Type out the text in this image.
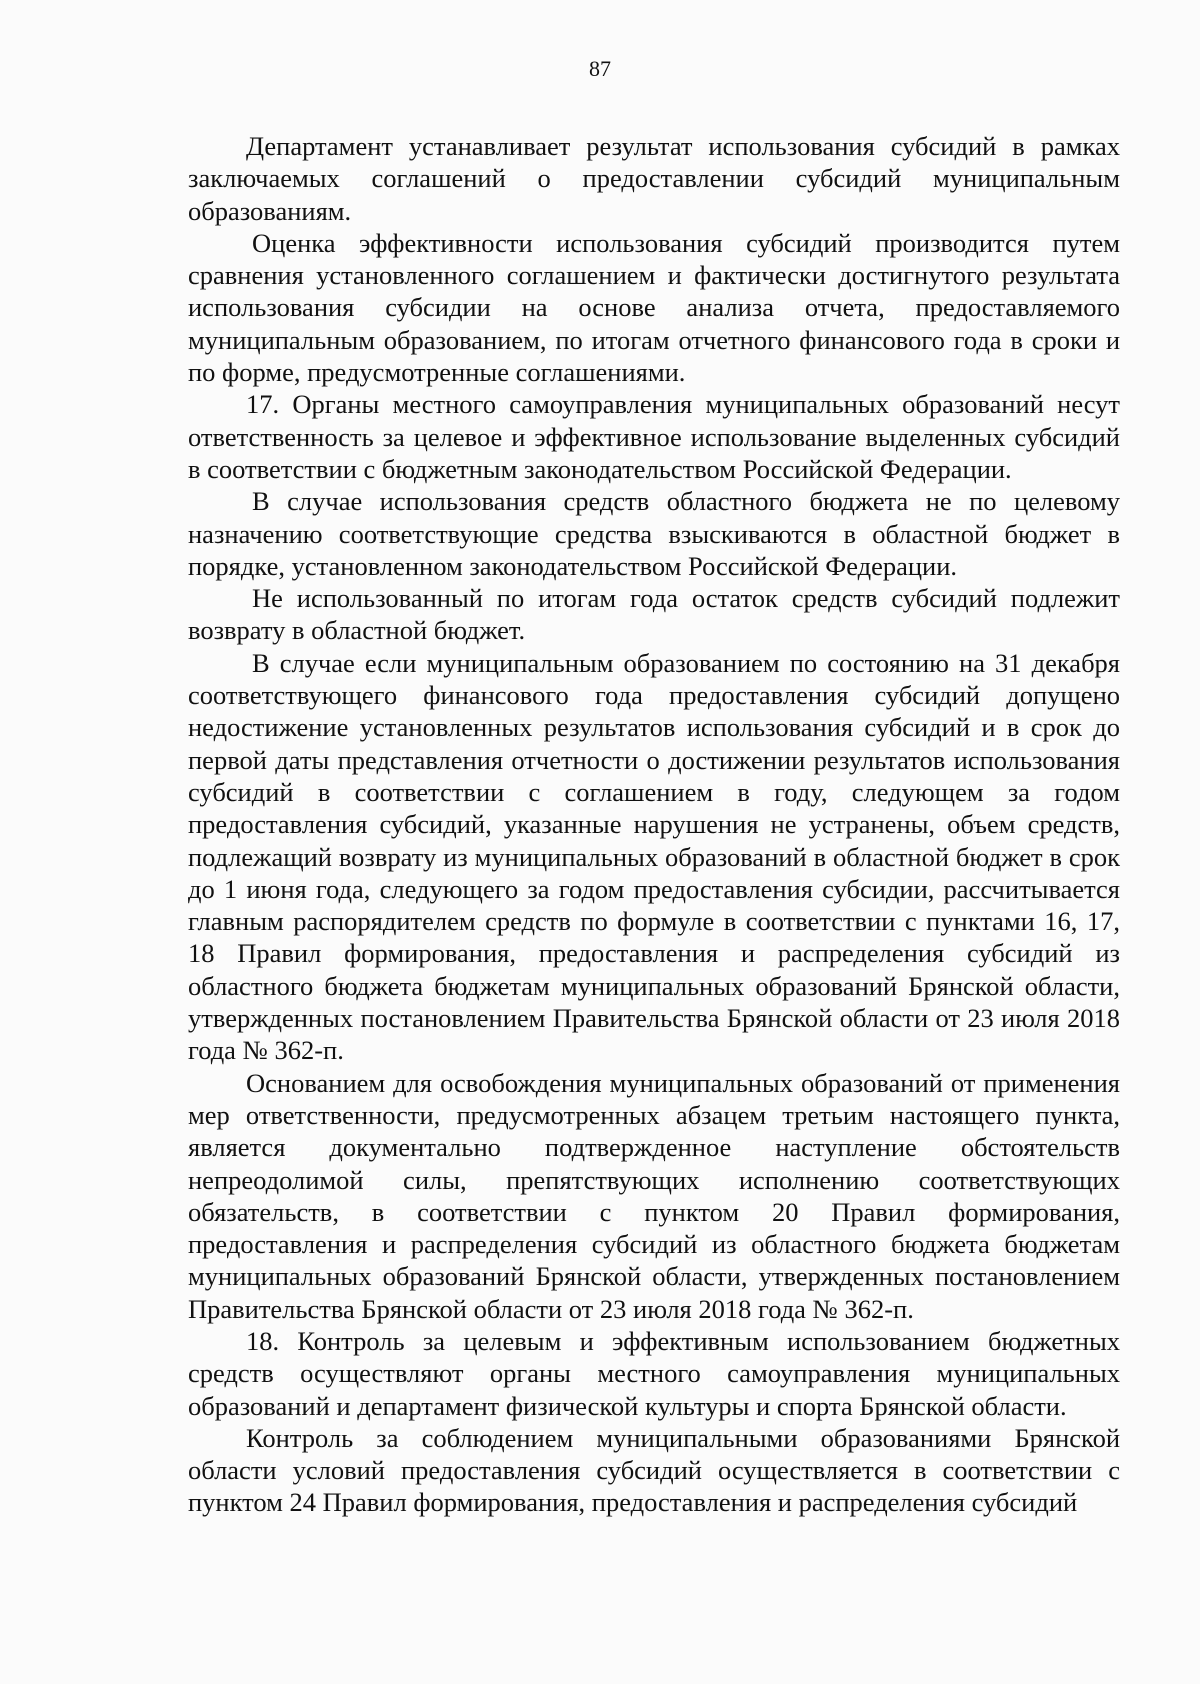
87

Департамент устанавливает результат использования субсидий в рамках заключаемых соглашений о предоставлении субсидий муниципальным образованиям.

Оценка эффективности использования субсидий производится путем сравнения установленного соглашением и фактически достигнутого результата использования субсидии на основе анализа отчета, предоставляемого муниципальным образованием, по итогам отчетного финансового года в сроки и по форме, предусмотренные соглашениями.

17. Органы местного самоуправления муниципальных образований несут ответственность за целевое и эффективное использование выделенных субсидий в соответствии с бюджетным законодательством Российской Федерации.

В случае использования средств областного бюджета не по целевому назначению соответствующие средства взыскиваются в областной бюджет в порядке, установленном законодательством Российской Федерации.

Не использованный по итогам года остаток средств субсидий подлежит возврату в областной бюджет.

В случае если муниципальным образованием по состоянию на 31 декабря соответствующего финансового года предоставления субсидий допущено недостижение установленных результатов использования субсидий и в срок до первой даты представления отчетности о достижении результатов использования субсидий в соответствии с соглашением в году, следующем за годом предоставления субсидий, указанные нарушения не устранены, объем средств, подлежащий возврату из муниципальных образований в областной бюджет в срок до 1 июня года, следующего за годом предоставления субсидии, рассчитывается главным распорядителем средств по формуле в соответствии с пунктами 16, 17, 18 Правил формирования, предоставления и распределения субсидий из областного бюджета бюджетам муниципальных образований Брянской области, утвержденных постановлением Правительства Брянской области от 23 июля 2018 года № 362-п.

Основанием для освобождения муниципальных образований от применения мер ответственности, предусмотренных абзацем третьим настоящего пункта, является документально подтвержденное наступление обстоятельств непреодолимой силы, препятствующих исполнению соответствующих обязательств, в соответствии с пунктом 20 Правил формирования, предоставления и распределения субсидий из областного бюджета бюджетам муниципальных образований Брянской области, утвержденных постановлением Правительства Брянской области от 23 июля 2018 года № 362-п.

18. Контроль за целевым и эффективным использованием бюджетных средств осуществляют органы местного самоуправления муниципальных образований и департамент физической культуры и спорта Брянской области.

Контроль за соблюдением муниципальными образованиями Брянской области условий предоставления субсидий осуществляется в соответствии с пунктом 24 Правил формирования, предоставления и распределения субсидий
